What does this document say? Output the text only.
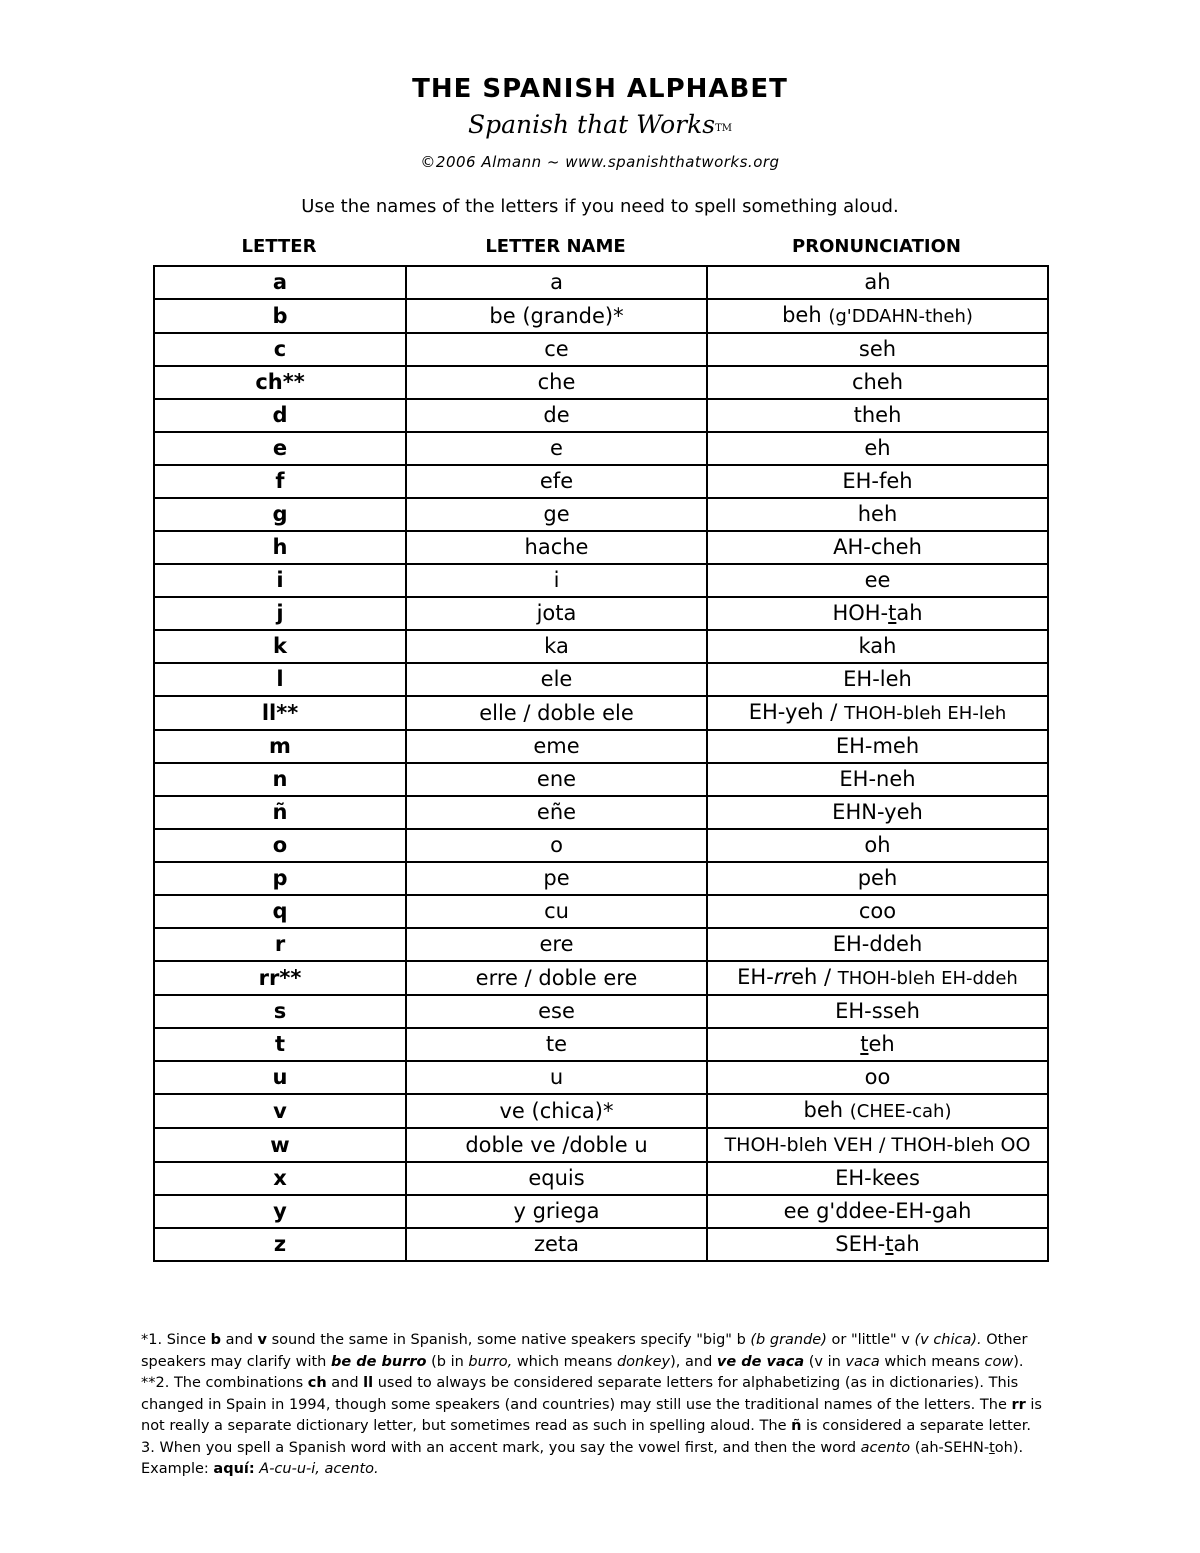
THE SPANISH ALPHABET
Spanish that WorksTM
©2006 Almann ~ www.spanishthatworks.org
Use the names of the letters if you need to spell something aloud.
LETTER	LETTER NAME	PRONUNCIATION
a	a	ah
b	be (grande)*	beh (g'DDAHN-theh)
c	ce	seh
ch**	che	cheh
d	de	theh
e	e	eh
f	efe	EH-feh
g	ge	heh
h	hache	AH-cheh
i	i	ee
j	jota	HOH-tah
k	ka	kah
l	ele	EH-leh
ll**	elle / doble ele	EH-yeh / THOH-bleh EH-leh
m	eme	EH-meh
n	ene	EH-neh
ñ	eñe	EHN-yeh
o	o	oh
p	pe	peh
q	cu	coo
r	ere	EH-ddeh
rr**	erre / doble ere	EH-rreh / THOH-bleh EH-ddeh
s	ese	EH-sseh
t	te	teh
u	u	oo
v	ve (chica)*	beh (CHEE-cah)
w	doble ve /doble u	THOH-bleh VEH / THOH-bleh OO
x	equis	EH-kees
y	y griega	ee g'ddee-EH-gah
z	zeta	SEH-tah

*1. Since b and v sound the same in Spanish, some native speakers specify "big" b (b grande) or "little" v (v chica). Other speakers may clarify with be de burro (b in burro, which means donkey), and ve de vaca (v in vaca which means cow).

**2. The combinations ch and ll used to always be considered separate letters for alphabetizing (as in dictionaries). This changed in Spain in 1994, though some speakers (and countries) may still use the traditional names of the letters. The rr is not really a separate dictionary letter, but sometimes read as such in spelling aloud. The ñ is considered a separate letter.

3. When you spell a Spanish word with an accent mark, you say the vowel first, and then the word acento (ah-SEHN-toh).

Example: aquí: A-cu-u-i, acento.
